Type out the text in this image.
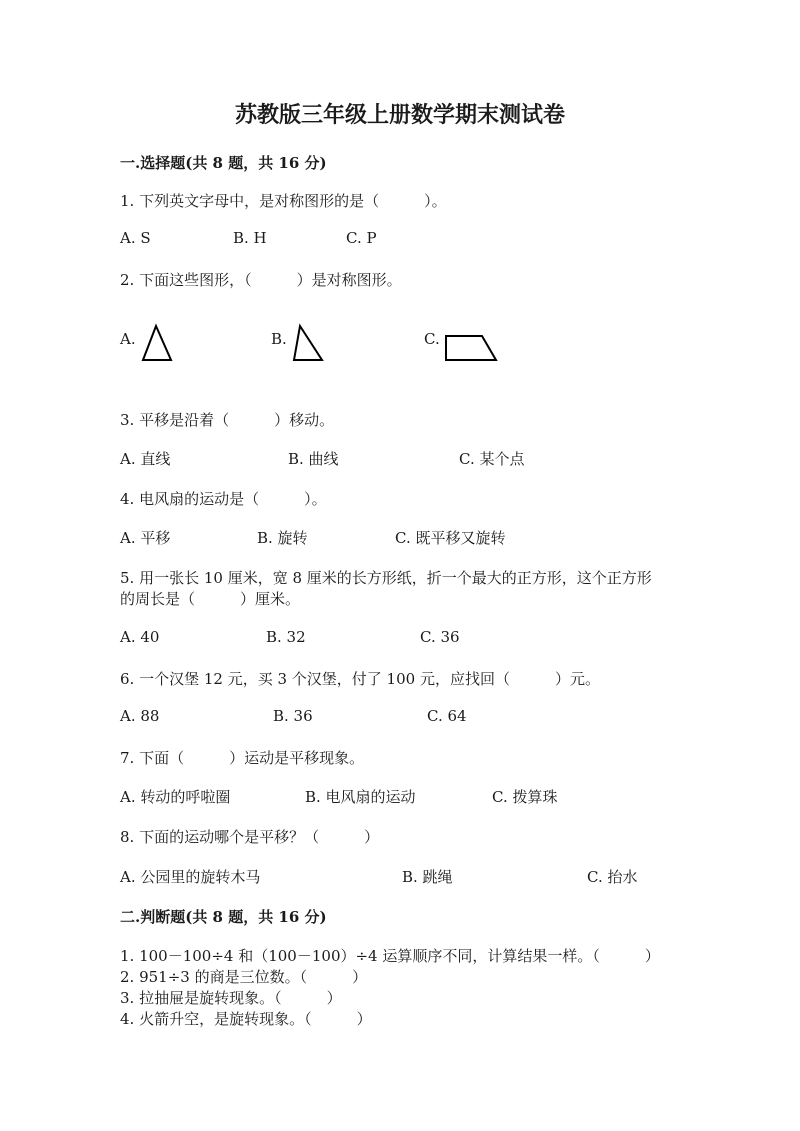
苏教版三年级上册数学期末测试卷
一.选择题(共 8 题，共 16 分)
1. 下列英文字母中，是对称图形的是（　　　）。
A. S	B. H	C. P
2. 下面这些图形，（　　　）是对称图形。
A.	B.	C.
3. 平移是沿着（　　　）移动。
A. 直线	B. 曲线	C. 某个点
4. 电风扇的运动是（　　　）。
A. 平移	B. 旋转	C. 既平移又旋转
5. 用一张长 10 厘米，宽 8 厘米的长方形纸，折一个最大的正方形，这个正方形
的周长是（　　　）厘米。
A. 40	B. 32	C. 36
6. 一个汉堡 12 元，买 3 个汉堡，付了 100 元，应找回（　　　）元。
A. 88	B. 36	C. 64
7. 下面（　　　）运动是平移现象。
A. 转动的呼啦圈	B. 电风扇的运动	C. 拨算珠
8. 下面的运动哪个是平移？（　　　）
A. 公园里的旋转木马	B. 跳绳	C. 抬水
二.判断题(共 8 题，共 16 分)
1. 100－100÷4 和（100－100）÷4 运算顺序不同，计算结果一样。（　　　）
2. 951÷3 的商是三位数。（　　　）
3. 拉抽屉是旋转现象。（　　　）
4. 火箭升空，是旋转现象。（　　　）
